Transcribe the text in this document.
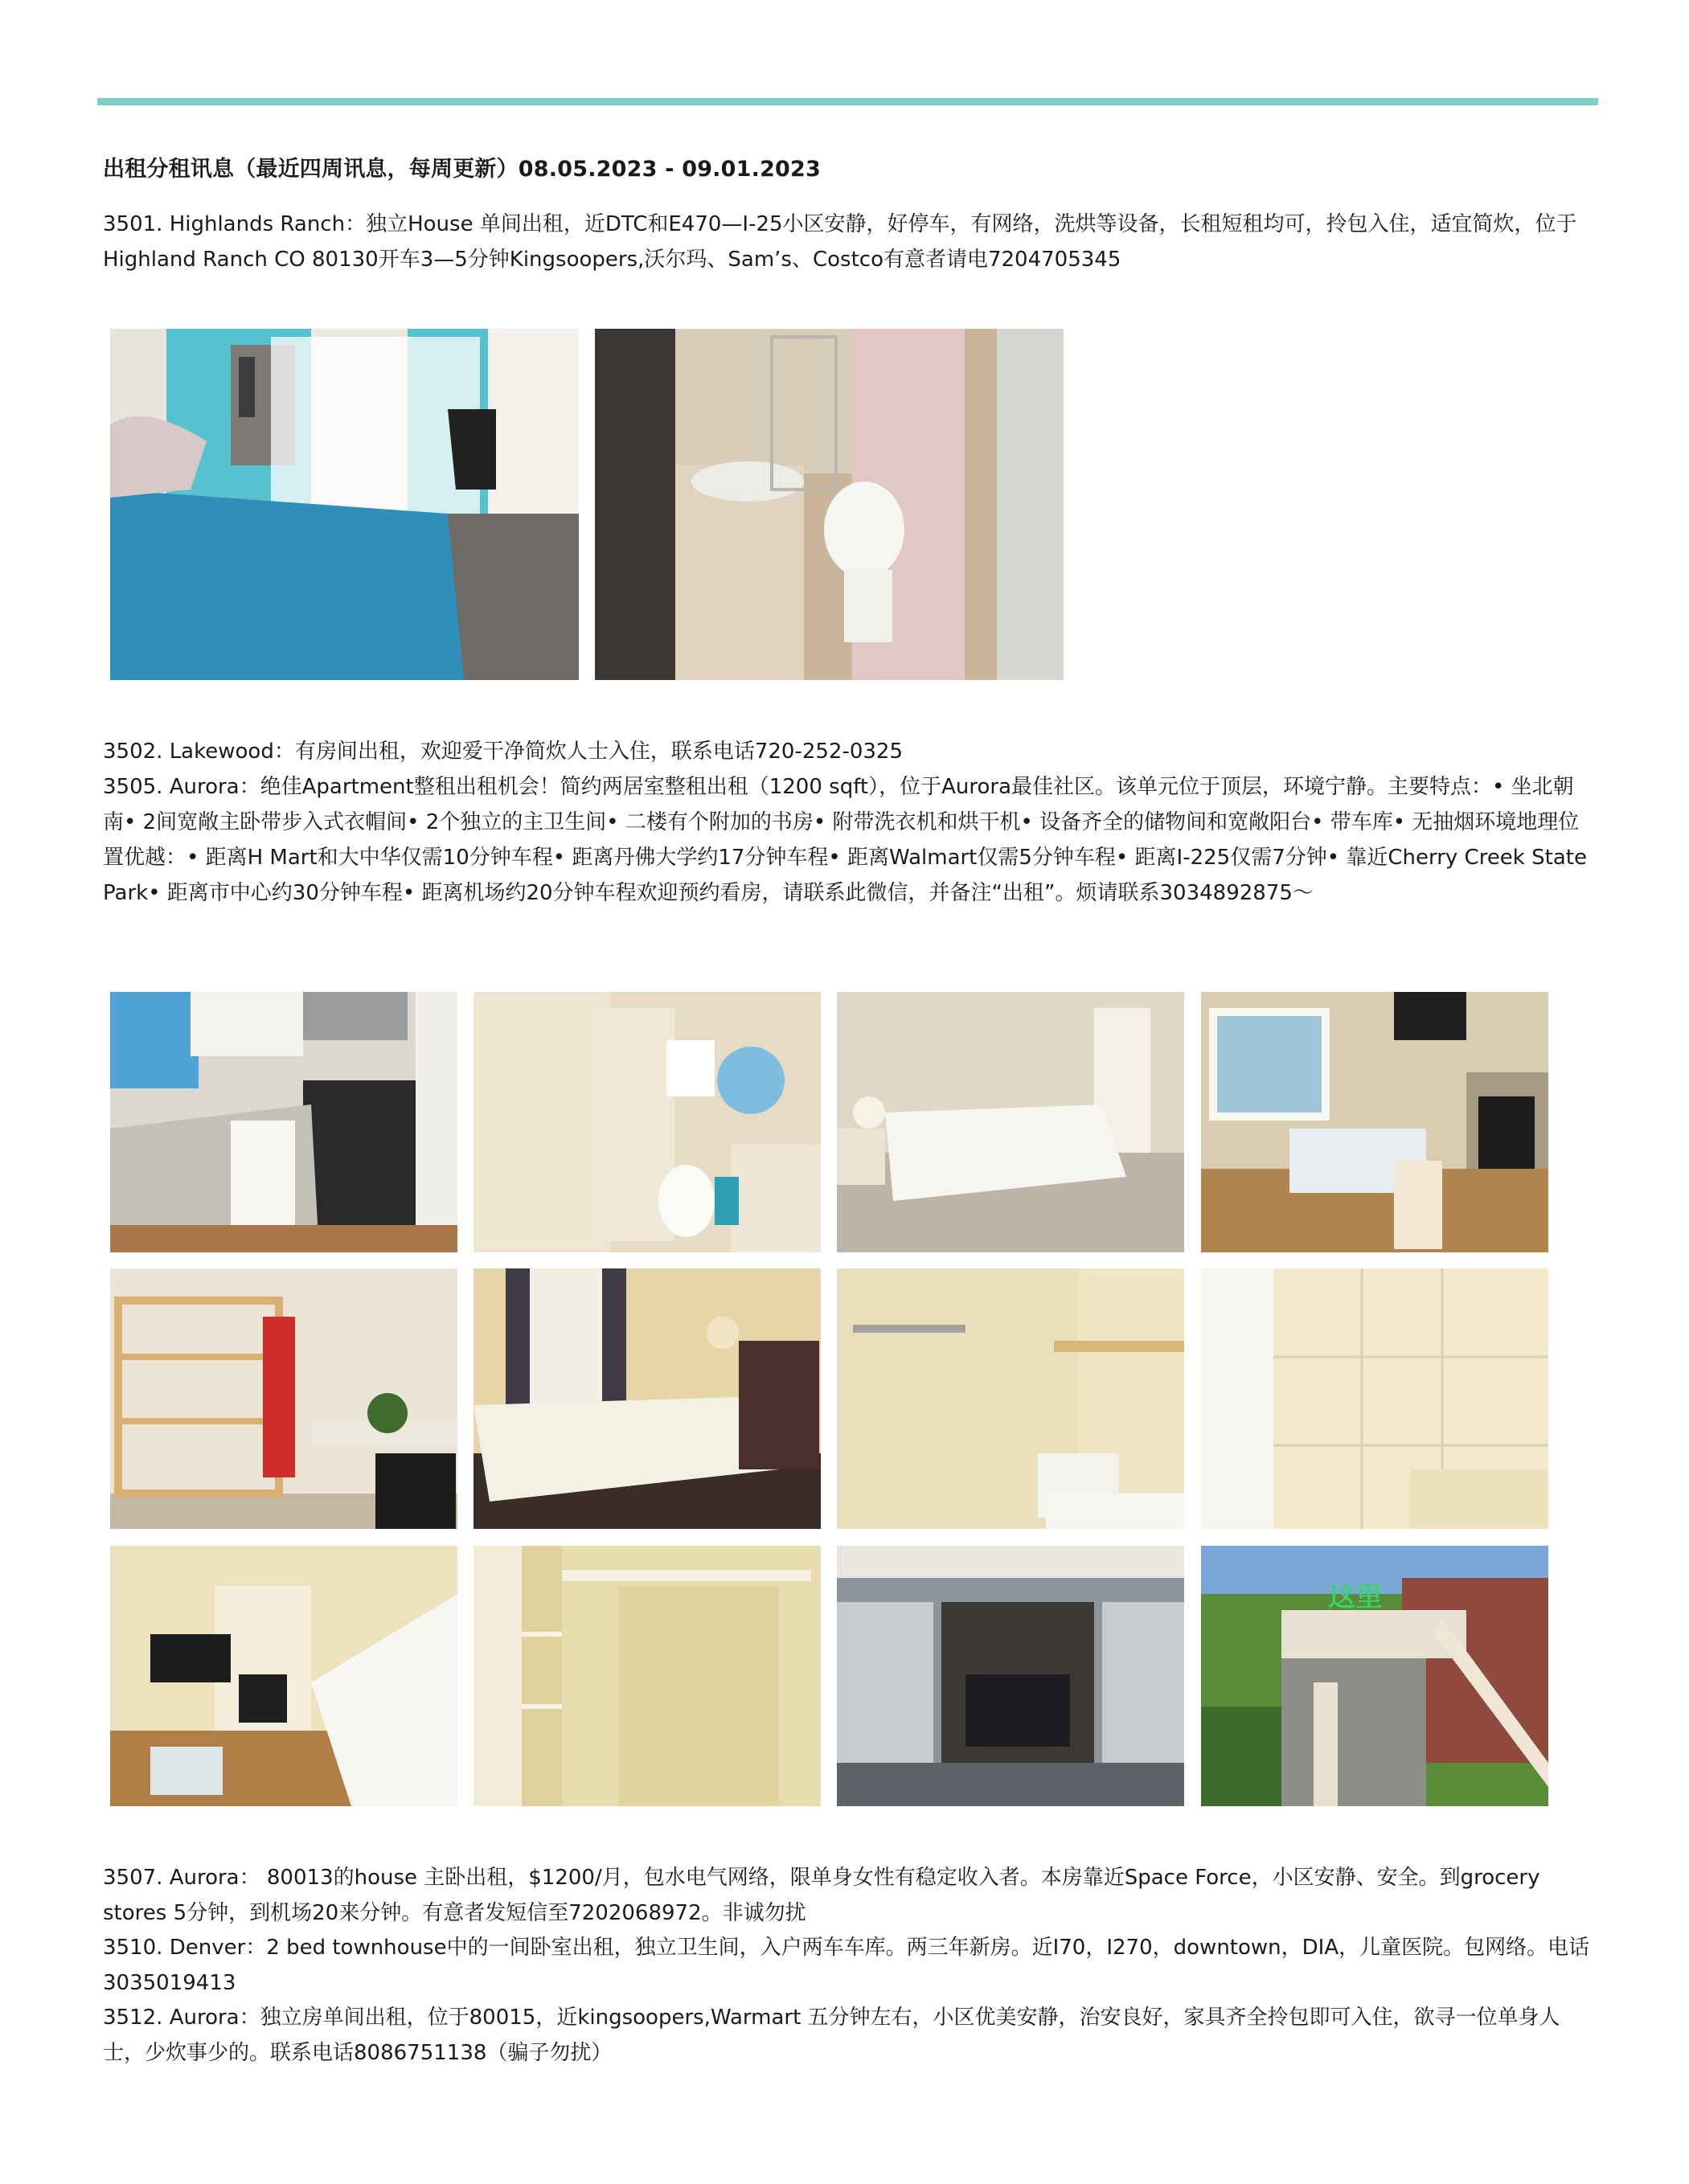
出租分租讯息（最近四周讯息，每周更新）08.05.2023 - 09.01.2023

3501. Highlands Ranch：独立House 单间出租，近DTC和E470—I-25小区安静，好停车，有网络，洗烘等设备，长租短租均可，拎包入住，适宜简炊，位于Highland Ranch CO 80130开车3—5分钟Kingsoopers,沃尔玛、Sam’s、Costco有意者请电7204705345

3502. Lakewood：有房间出租，欢迎爱干净简炊人士入住，联系电话720-252-0325

3505. Aurora：绝佳Apartment整租出租机会！简约两居室整租出租（1200 sqft），位于Aurora最佳社区。该单元位于顶层，环境宁静。主要特点：• 坐北朝南• 2间宽敞主卧带步入式衣帽间• 2个独立的主卫生间• 二楼有个附加的书房• 附带洗衣机和烘干机• 设备齐全的储物间和宽敞阳台• 带车库• 无抽烟环境地理位置优越：• 距离H Mart和大中华仅需10分钟车程• 距离丹佛大学约17分钟车程• 距离Walmart仅需5分钟车程• 距离I-225仅需7分钟• 靠近Cherry Creek State Park• 距离市中心约30分钟车程• 距离机场约20分钟车程欢迎预约看房，请联系此微信，并备注“出租”。烦请联系3034892875～

这里

3507. Aurora： 80013的house 主卧出租，$1200/月，包水电气网络，限单身女性有稳定收入者。本房靠近Space Force，小区安静、安全。到grocery stores 5分钟，到机场20来分钟。有意者发短信至7202068972。非诚勿扰

3510. Denver：2 bed townhouse中的一间卧室出租，独立卫生间，入户两车车库。两三年新房。近I70，I270，downtown，DIA，儿童医院。包网络。电话3035019413

3512. Aurora：独立房单间出租，位于80015，近kingsoopers,Warmart 五分钟左右，小区优美安静，治安良好，家具齐全拎包即可入住，欲寻一位单身人士，少炊事少的。联系电话8086751138（骗子勿扰）
